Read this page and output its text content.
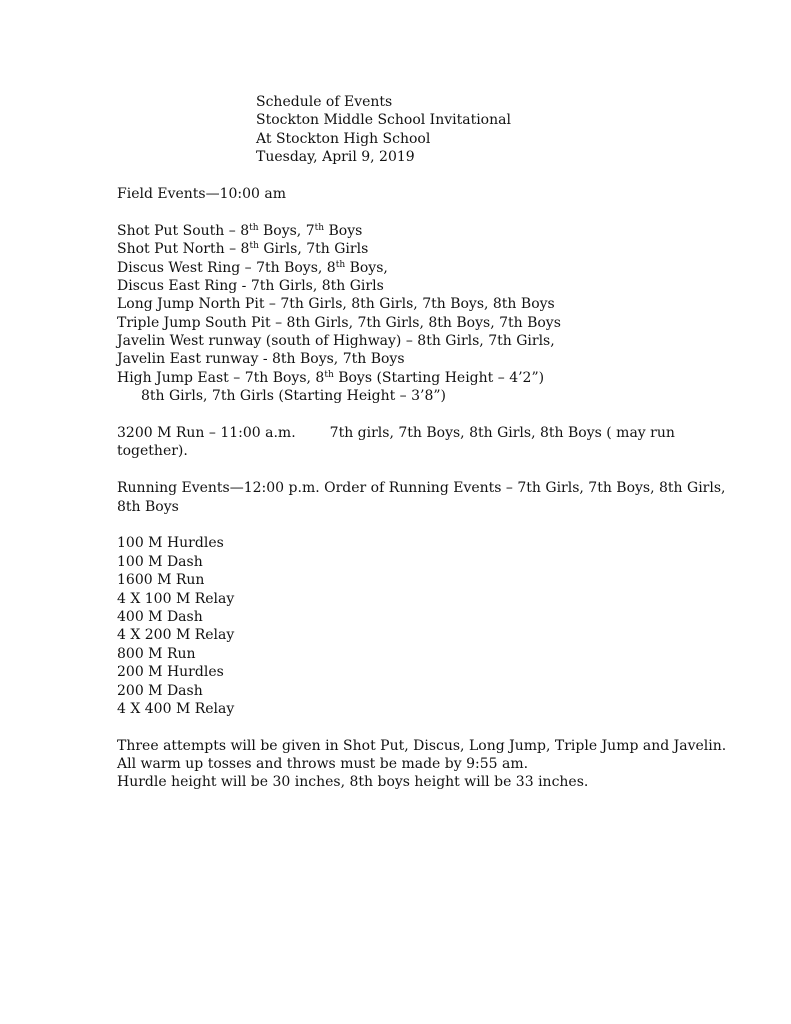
Schedule of Events
Stockton Middle School Invitational
At Stockton High School
Tuesday, April 9, 2019
Field Events—10:00 am
Shot Put South – 8th Boys, 7th Boys
Shot Put North – 8th Girls, 7th Girls
Discus West Ring – 7th Boys, 8th Boys,
Discus East Ring - 7th Girls, 8th Girls
Long Jump North Pit – 7th Girls, 8th Girls, 7th Boys, 8th Boys
Triple Jump South Pit – 8th Girls, 7th Girls, 8th Boys, 7th Boys
Javelin West runway (south of Highway) – 8th Girls, 7th Girls,
Javelin East runway - 8th Boys, 7th Boys
High Jump East – 7th Boys, 8th Boys (Starting Height – 4’2”)
8th Girls, 7th Girls (Starting Height – 3’8”)
3200 M Run – 11:00 a.m. 7th girls, 7th Boys, 8th Girls, 8th Boys ( may run
together).
Running Events—12:00 p.m. Order of Running Events – 7th Girls, 7th Boys, 8th Girls,
8th Boys
100 M Hurdles
100 M Dash
1600 M Run
4 X 100 M Relay
400 M Dash
4 X 200 M Relay
800 M Run
200 M Hurdles
200 M Dash
4 X 400 M Relay
Three attempts will be given in Shot Put, Discus, Long Jump, Triple Jump and Javelin.
All warm up tosses and throws must be made by 9:55 am.
Hurdle height will be 30 inches, 8th boys height will be 33 inches.
